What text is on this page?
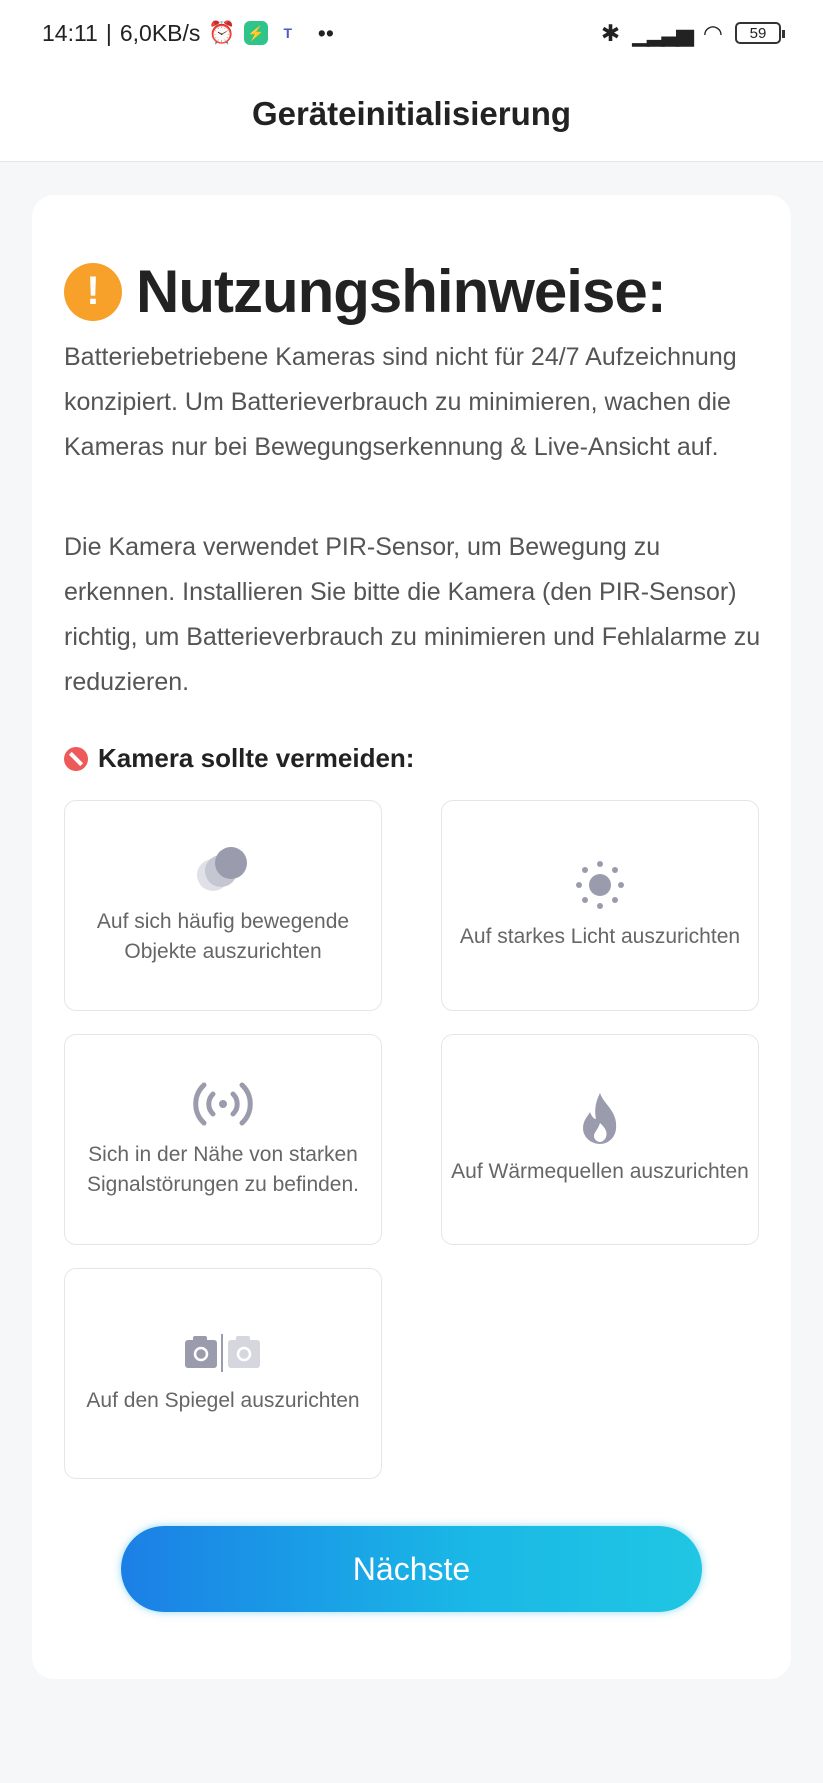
14:11 | 6,0KB/s ⏰ ⚡	T	••	✱ ▁▂▃▅ ◠	59
Geräteinitialisierung
! Nutzungshinweise:

Batteriebetriebene Kameras sind nicht für 24/7 Aufzeichnung konzipiert. Um Batterieverbrauch zu minimieren, wachen die Kameras nur bei Bewegungserkennung & Live-Ansicht auf.

Die Kamera verwendet PIR-Sensor, um Bewegung zu erkennen. Installieren Sie bitte die Kamera (den PIR-Sensor) richtig, um Batterieverbrauch zu minimieren und Fehlalarme zu reduzieren.

Kamera sollte vermeiden:
Auf sich häufig bewegende Objekte auszurichten
Auf starkes Licht auszurichten
Sich in der Nähe von starken Signalstörungen zu befinden.
Auf Wärmequellen auszurichten
Auf den Spiegel auszurichten
Nächste
